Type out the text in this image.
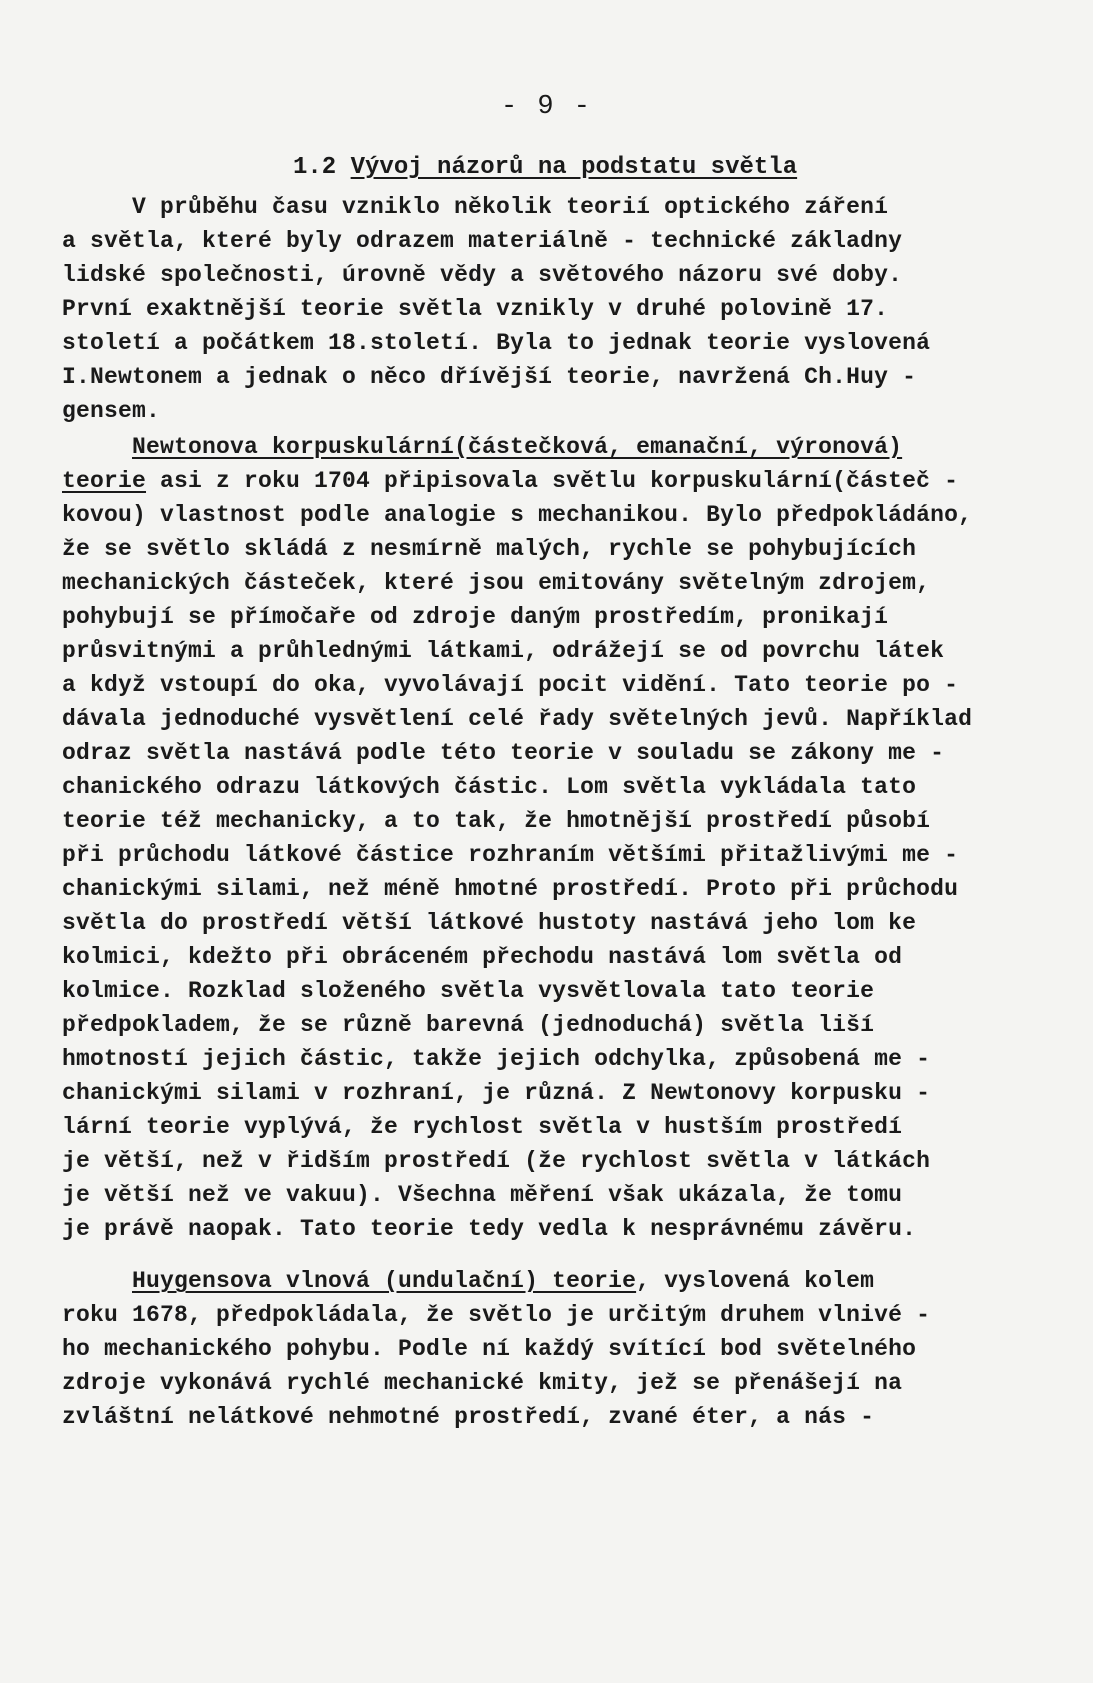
- 9 -
1.2 Vývoj názorů na podstatu světla
V průběhu času vzniklo několik teorií optického záření
a světla, které byly odrazem materiálně - technické základny
lidské společnosti, úrovně vědy a světového názoru své doby.
První exaktnější teorie světla vznikly v druhé polovině 17.
století a počátkem 18.století. Byla to jednak teorie vyslovená
I.Newtonem a jednak o něco dřívější teorie, navržená Ch.Huy -
gensem.
Newtonova korpuskulární(částečková, emanační, výronová)
teorie asi z roku 1704 připisovala světlu korpuskulární(částeč -
kovou) vlastnost podle analogie s mechanikou. Bylo předpokládáno,
že se světlo skládá z nesmírně malých, rychle se pohybujících
mechanických částeček, které jsou emitovány světelným zdrojem,
pohybují se přímočaře od zdroje daným prostředím, pronikají
průsvitnými a průhlednými látkami, odrážejí se od povrchu látek
a když vstoupí do oka, vyvolávají pocit vidění. Tato teorie po -
dávala jednoduché vysvětlení celé řady světelných jevů. Například
odraz světla nastává podle této teorie v souladu se zákony me -
chanického odrazu látkových částic. Lom světla vykládala tato
teorie též mechanicky, a to tak, že hmotnější prostředí působí
při průchodu látkové částice rozhraním většími přitažlivými me -
chanickými silami, než méně hmotné prostředí. Proto při průchodu
světla do prostředí větší látkové hustoty nastává jeho lom ke
kolmici, kdežto při obráceném přechodu nastává lom světla od
kolmice. Rozklad složeného světla vysvětlovala tato teorie
předpokladem, že se různě barevná (jednoduchá) světla liší
hmotností jejich částic, takže jejich odchylka, způsobená me -
chanickými silami v rozhraní, je různá. Z Newtonovy korpusku -
lární teorie vyplývá, že rychlost světla v hustším prostředí
je větší, než v řidším prostředí (že rychlost světla v látkách
je větší než ve vakuu). Všechna měření však ukázala, že tomu
je právě naopak. Tato teorie tedy vedla k nesprávnému závěru.
Huygensova vlnová (undulační) teorie, vyslovená kolem
roku 1678, předpokládala, že světlo je určitým druhem vlnivé -
ho mechanického pohybu. Podle ní každý svítící bod světelného
zdroje vykonává rychlé mechanické kmity, jež se přenášejí na
zvláštní nelátkové nehmotné prostředí, zvané éter, a nás -
